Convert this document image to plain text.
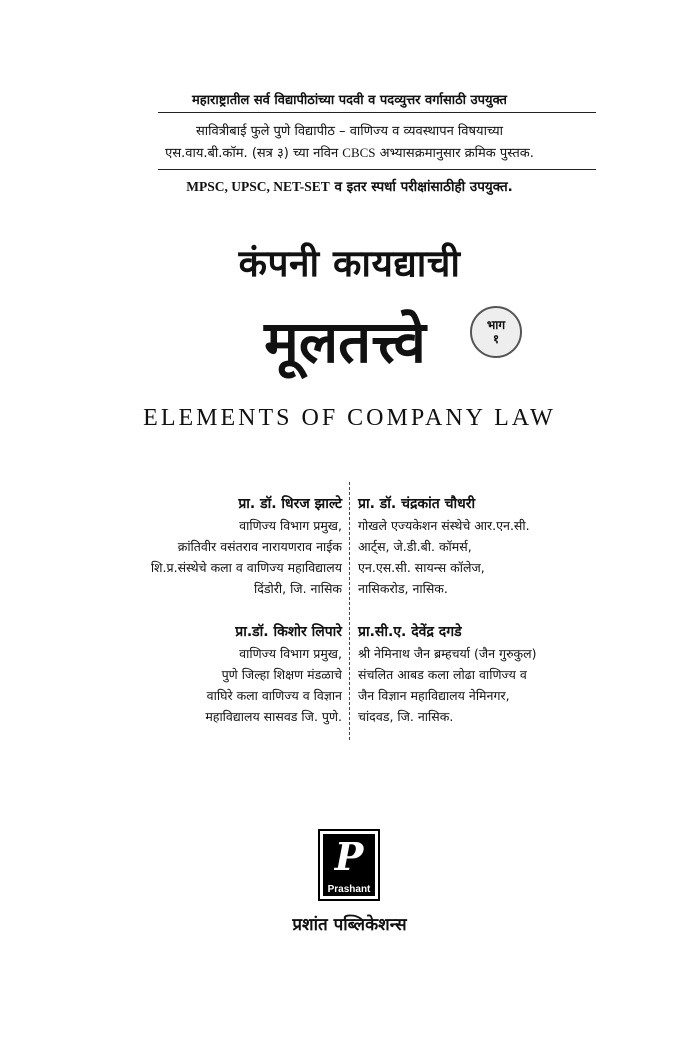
महाराष्ट्रातील सर्व विद्यापीठांच्या पदवी व पदव्युत्तर वर्गासाठी उपयुक्त
सावित्रीबाई फुले पुणे विद्यापीठ – वाणिज्य व व्यवस्थापन विषयाच्या
एस.वाय.बी.कॉम. (सत्र ३) च्या नविन CBCS अभ्यासक्रमानुसार क्रमिक पुस्तक.
MPSC, UPSC, NET-SET व इतर स्पर्धा परीक्षांसाठीही उपयुक्त.
कंपनी कायद्याची
मूलतत्त्वे	भाग
१
ELEMENTS OF COMPANY LAW
प्रा. डॉ. धिरज झाल्टे
वाणिज्य विभाग प्रमुख,
क्रांतिवीर वसंतराव नारायणराव नाईक
शि.प्र.संस्थेचे कला व वाणिज्य महाविद्यालय
दिंडोरी, जि. नासिक
प्रा. डॉ. चंद्रकांत चौधरी
गोखले एज्यकेशन संस्थेचे आर.एन.सी.
आर्ट्स, जे.डी.बी. कॉमर्स,
एन.एस.सी. सायन्स कॉलेज,
नासिकरोड, नासिक.
प्रा.डॉ. किशोर लिपारे
वाणिज्य विभाग प्रमुख,
पुणे जिल्हा शिक्षण मंडळाचे
वाघिरे कला वाणिज्य व विज्ञान
महाविद्यालय सासवड जि. पुणे.
प्रा.सी.ए. देवेंद्र दगडे
श्री नेमिनाथ जैन ब्रम्हचर्या (जैन गुरुकुल)
संचलित आबड कला लोढा वाणिज्य व
जैन विज्ञान महाविद्यालय नेमिनगर,
चांदवड, जि. नासिक.
P
Prashant
प्रशांत पब्लिकेशन्स
